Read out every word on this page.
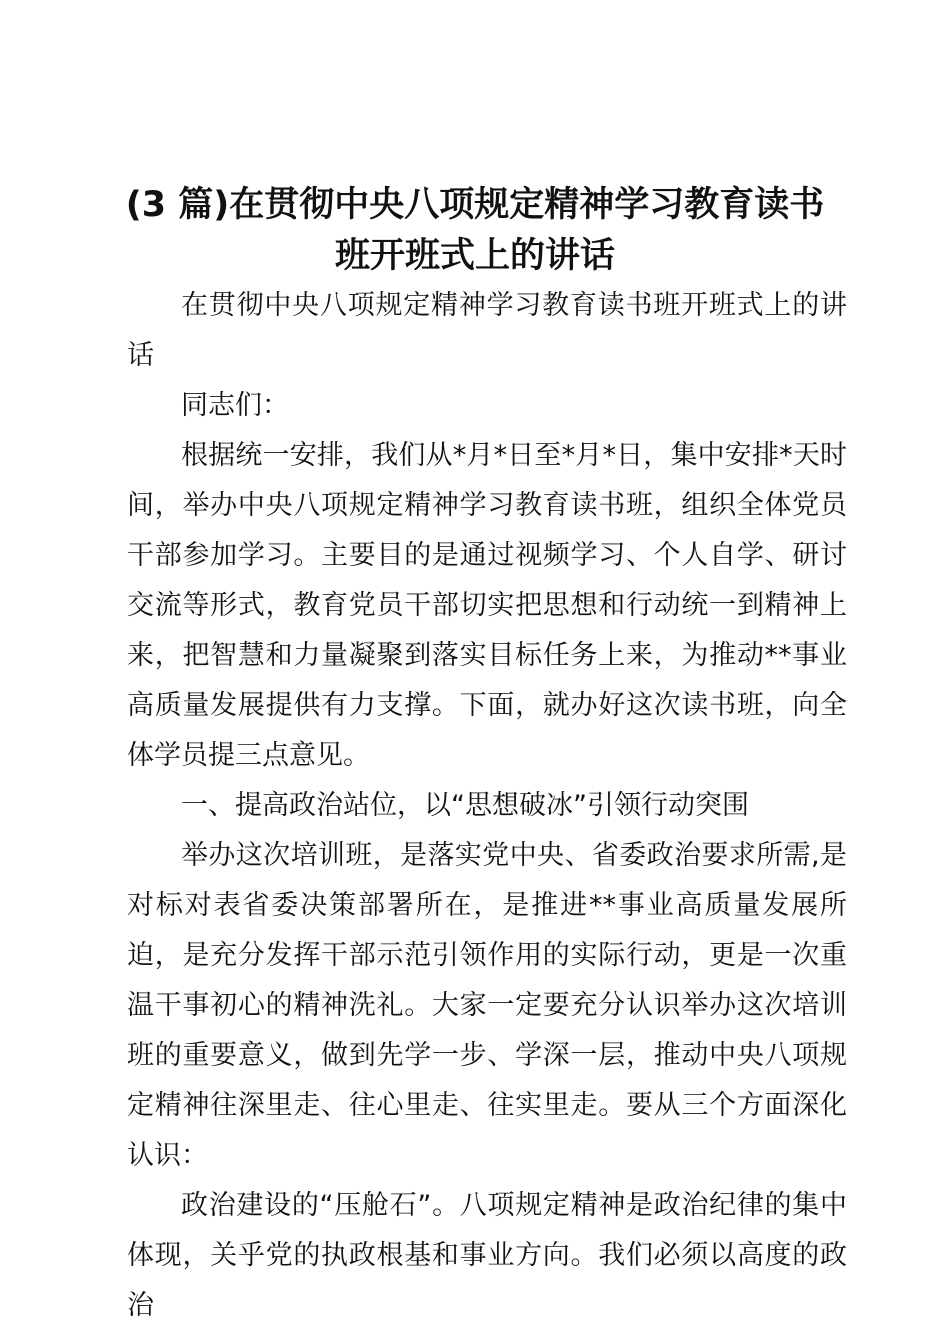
(3 篇)在贯彻中央八项规定精神学习教育读书
班开班式上的讲话

在贯彻中央八项规定精神学习教育读书班开班式上的讲话

同志们：

根据统一安排，我们从*月*日至*月*日，集中安排*天时间，举办中央八项规定精神学习教育读书班，组织全体党员干部参加学习。主要目的是通过视频学习、个人自学、研讨交流等形式，教育党员干部切实把思想和行动统一到精神上来，把智慧和力量凝聚到落实目标任务上来，为推动**事业高质量发展提供有力支撑。下面，就办好这次读书班，向全体学员提三点意见。

一、提高政治站位，以“思想破冰”引领行动突围

举办这次培训班，是落实党中央、省委政治要求所需,是对标对表省委决策部署所在，是推进**事业高质量发展所迫，是充分发挥干部示范引领作用的实际行动，更是一次重温干事初心的精神洗礼。大家一定要充分认识举办这次培训班的重要意义，做到先学一步、学深一层，推动中央八项规定精神往深里走、往心里走、往实里走。要从三个方面深化认识：

政治建设的“压舱石”。八项规定精神是政治纪律的集中体现，关乎党的执政根基和事业方向。我们必须以高度的政治
